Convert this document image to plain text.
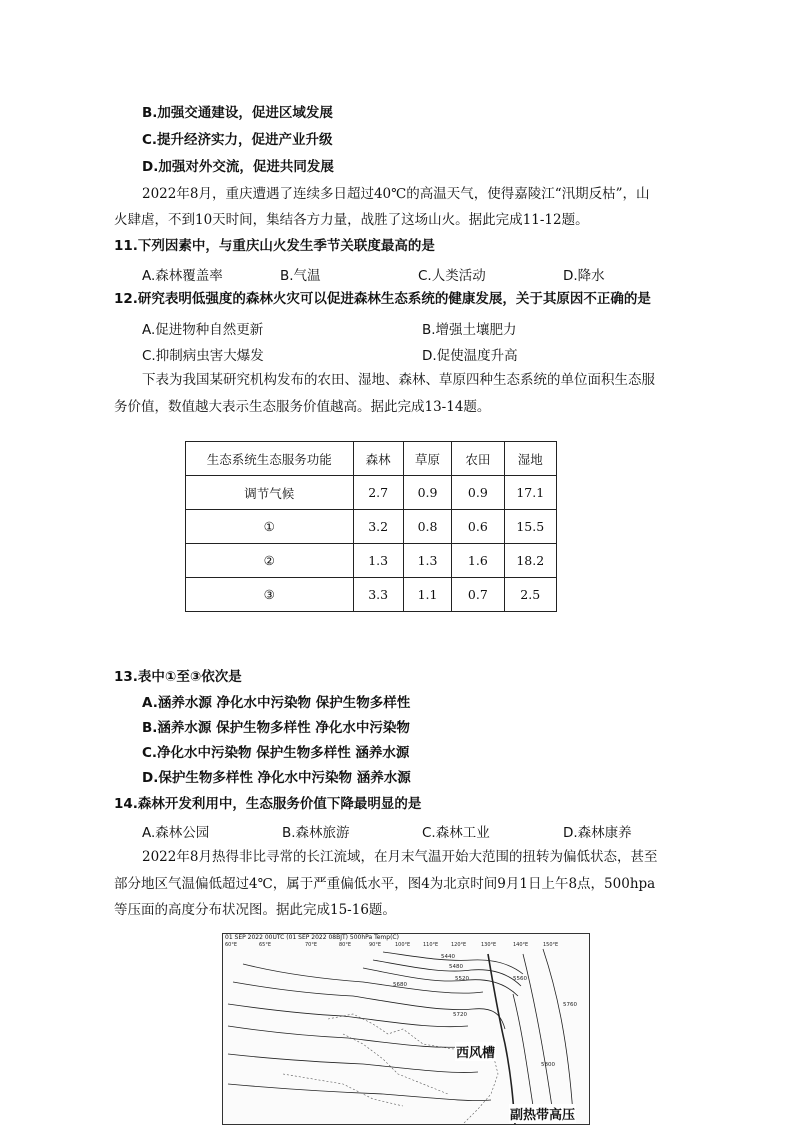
B.加强交通建设，促进区域发展
C.提升经济实力，促进产业升级
D.加强对外交流，促进共同发展
2022年8月，重庆遭遇了连续多日超过40℃的高温天气，使得嘉陵江“汛期反枯”，山
火肆虐，不到10天时间，集结各方力量，战胜了这场山火。据此完成11-12题。
11.下列因素中，与重庆山火发生季节关联度最高的是
A.森林覆盖率	B.气温	C.人类活动	D.降水
12.研究表明低强度的森林火灾可以促进森林生态系统的健康发展，关于其原因不正确的是
A.促进物种自然更新	B.增强土壤肥力
C.抑制病虫害大爆发	D.促使温度升高
下表为我国某研究机构发布的农田、湿地、森林、草原四种生态系统的单位面积生态服
务价值，数值越大表示生态服务价值越高。据此完成13-14题。
生态系统生态服务功能	森林	草原	农田	湿地
调节气候	2.7	0.9	0.9	17.1
①	3.2	0.8	0.6	15.5
②	1.3	1.3	1.6	18.2
③	3.3	1.1	0.7	2.5
13.表中①至③依次是
A.涵养水源 净化水中污染物 保护生物多样性
B.涵养水源 保护生物多样性 净化水中污染物
C.净化水中污染物 保护生物多样性 涵养水源
D.保护生物多样性 净化水中污染物 涵养水源
14.森林开发利用中，生态服务价值下降最明显的是
A.森林公园	B.森林旅游	C.森林工业	D.森林康养
2022年8月热得非比寻常的长江流域，在月末气温开始大范围的扭转为偏低状态，甚至
部分地区气温偏低超过4℃，属于严重偏低水平，图4为北京时间9月1日上午8点，500hpa
等压面的高度分布状况图。据此完成15-16题。
01 SEP 2022 00UTC (01 SEP 2022 08BJT) 500hPa Temp(C)
5440
5480
5520	5560
5680
5720
5760
5800
60°E	65°E	70°E	80°E	90°E	100°E	110°E	120°E	130°E	140°E	150°E
西风槽
副热带高压
